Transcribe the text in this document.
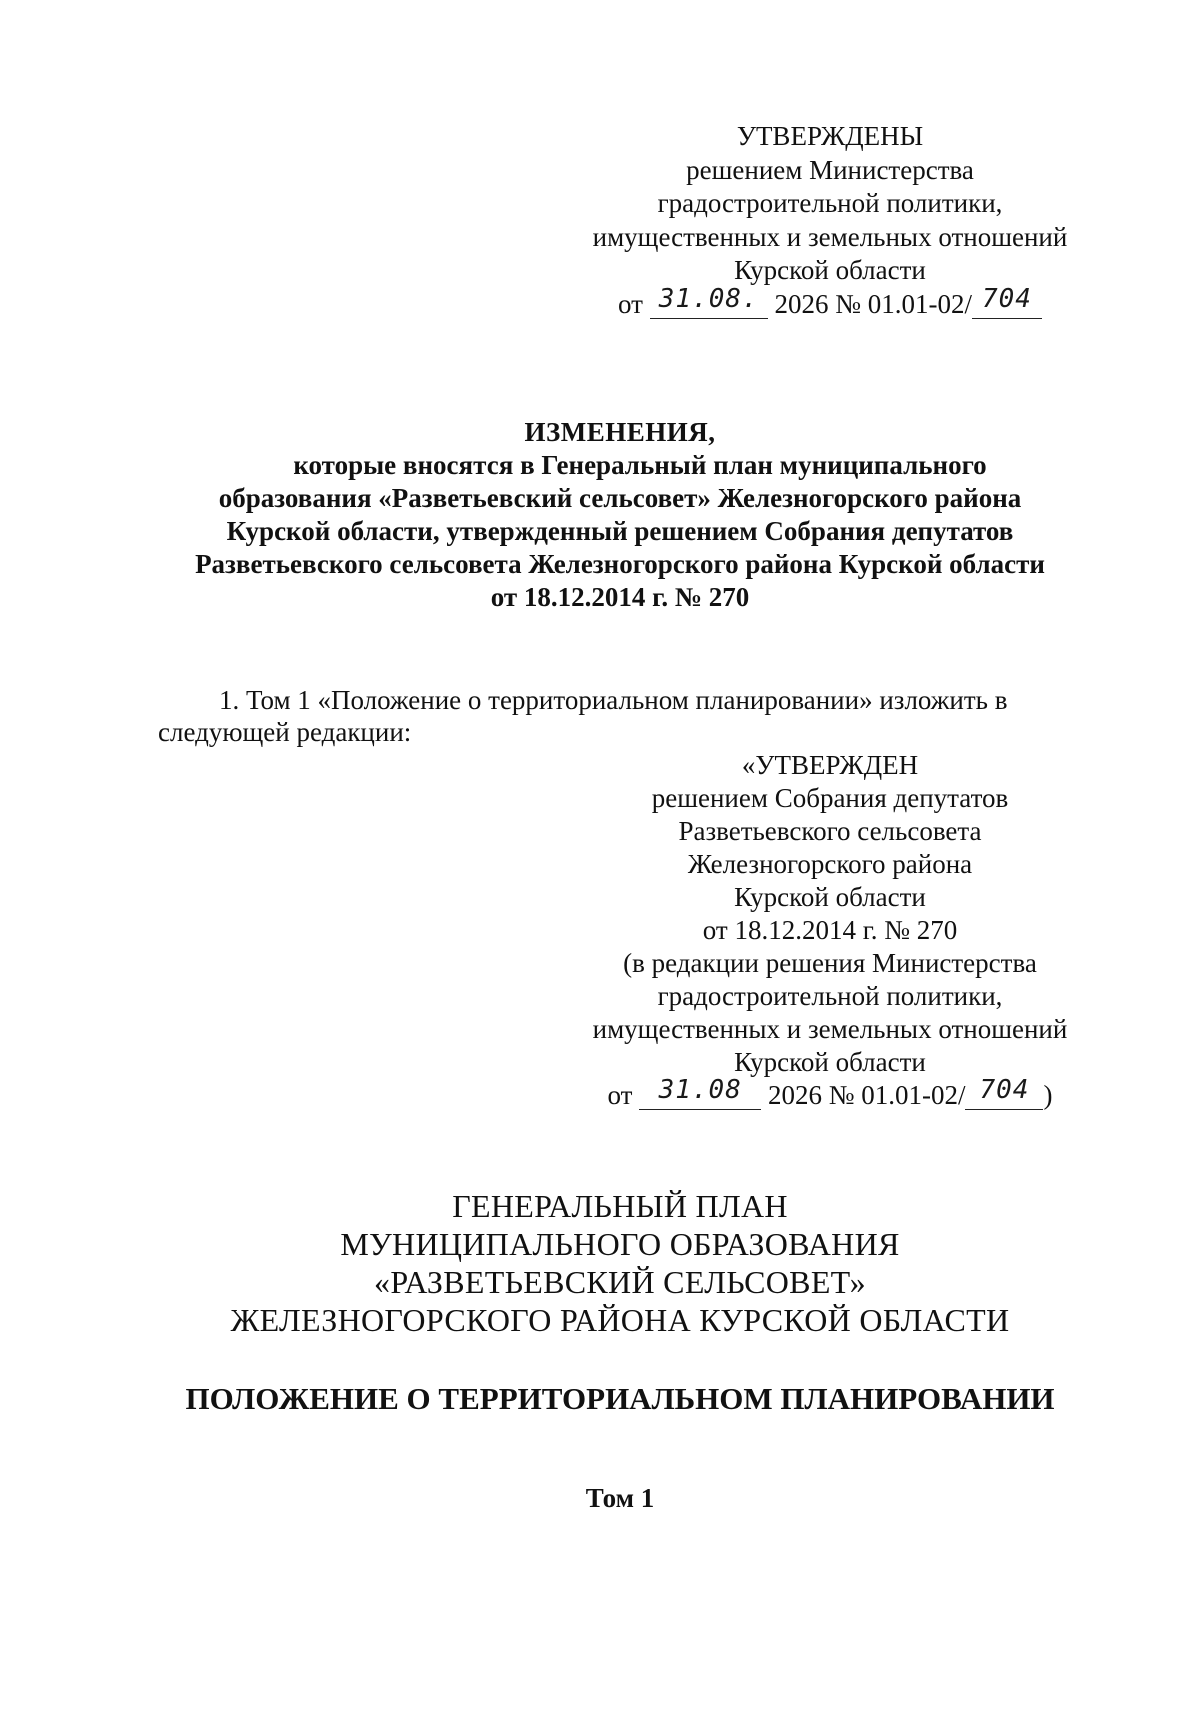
УТВЕРЖДЕНЫ
решением Министерства
градостроительной политики,
имущественных и земельных отношений
Курской области
от 31.08. 2026 № 01.01-02/ 704
ИЗМЕНЕНИЯ,
которые вносятся в Генеральный план муниципального
образования «Разветьевский сельсовет» Железногорского района
Курской области, утвержденный решением Собрания депутатов
Разветьевского сельсовета Железногорского района Курской области
от 18.12.2014 г. № 270
1. Том 1 «Положение о территориальном планировании» изложить в
следующей редакции:
«УТВЕРЖДЕН
решением Собрания депутатов
Разветьевского сельсовета
Железногорского района
Курской области
от 18.12.2014 г. № 270
(в редакции решения Министерства
градостроительной политики,
имущественных и земельных отношений
Курской области
от 31.08 2026 № 01.01-02/ 704 )
ГЕНЕРАЛЬНЫЙ ПЛАН
МУНИЦИПАЛЬНОГО ОБРАЗОВАНИЯ
«РАЗВЕТЬЕВСКИЙ СЕЛЬСОВЕТ»
ЖЕЛЕЗНОГОРСКОГО РАЙОНА КУРСКОЙ ОБЛАСТИ
ПОЛОЖЕНИЕ О ТЕРРИТОРИАЛЬНОМ ПЛАНИРОВАНИИ
Том 1
